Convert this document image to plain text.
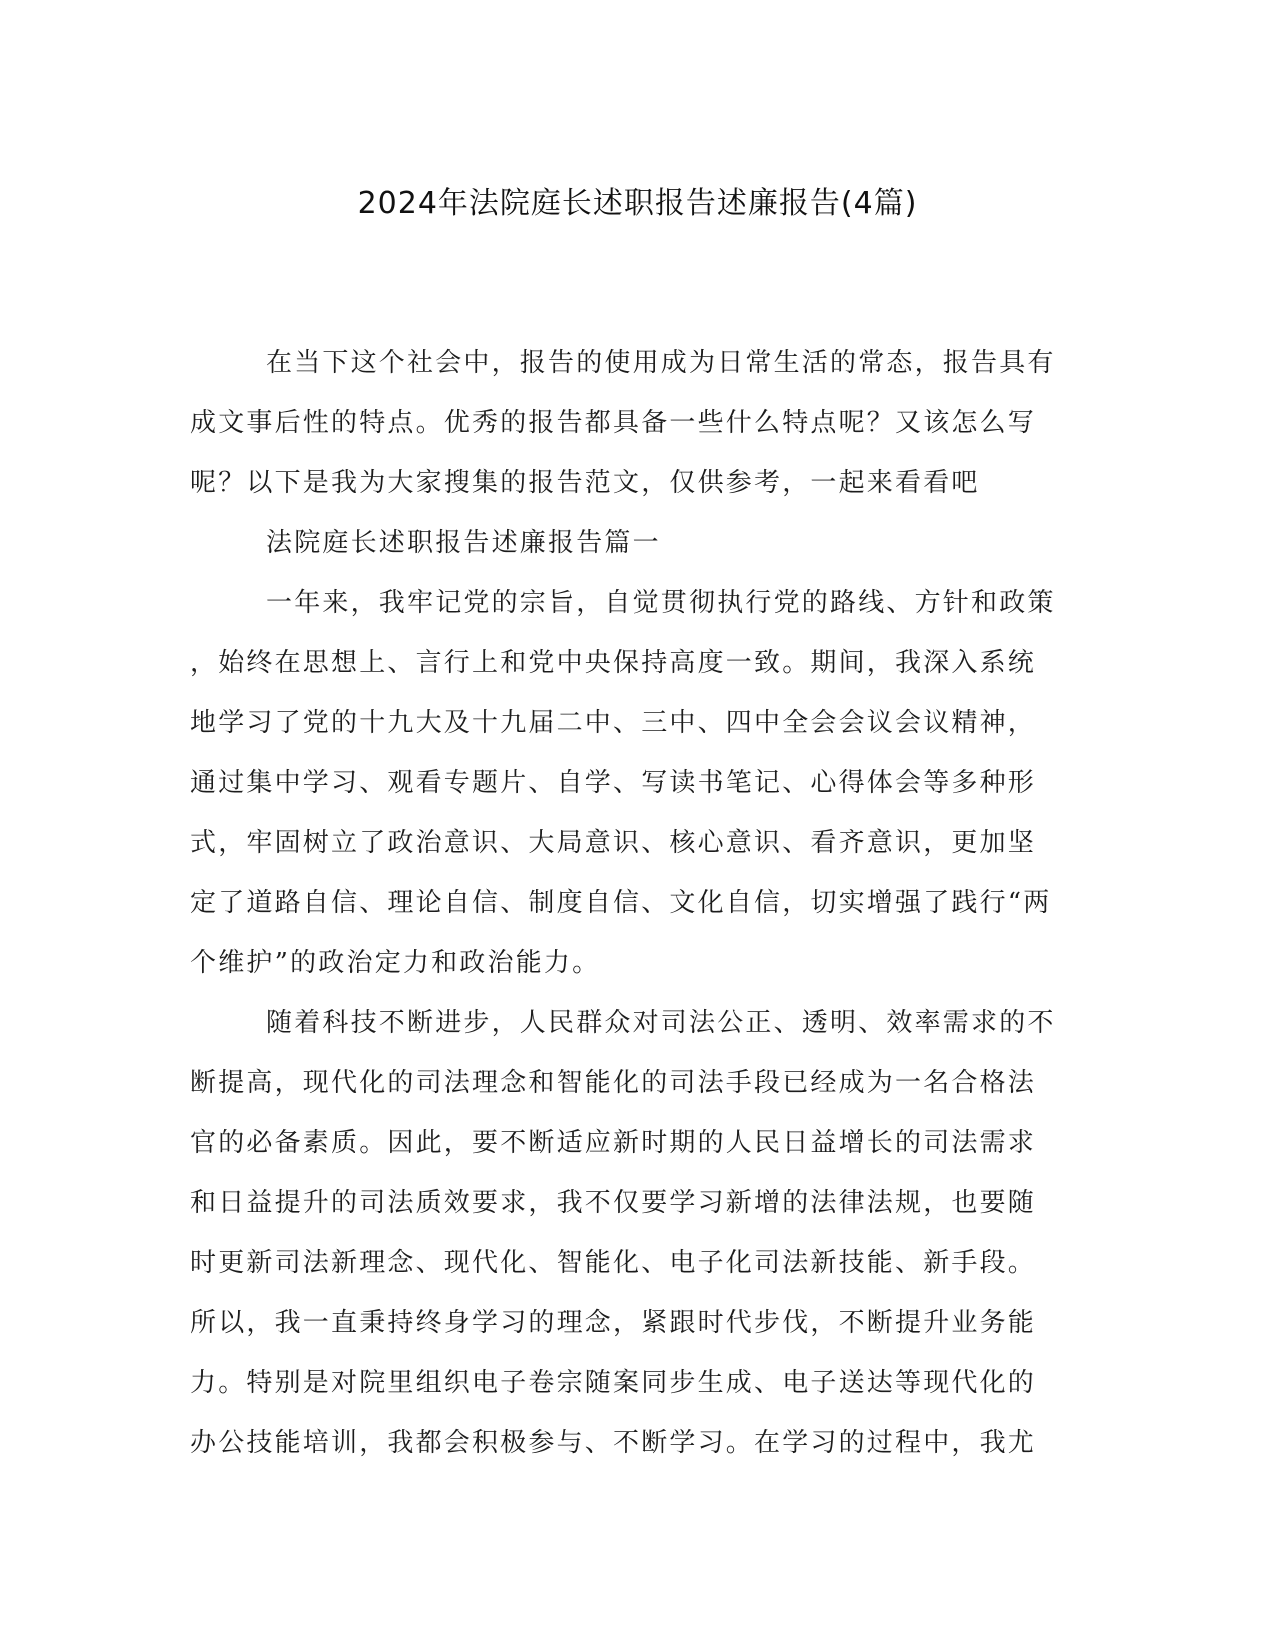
2024年法院庭长述职报告述廉报告(4篇)
在当下这个社会中，报告的使用成为日常生活的常态，报告具有
成文事后性的特点。优秀的报告都具备一些什么特点呢？又该怎么写
呢？以下是我为大家搜集的报告范文，仅供参考，一起来看看吧
法院庭长述职报告述廉报告篇一
一年来，我牢记党的宗旨，自觉贯彻执行党的路线、方针和政策
，始终在思想上、言行上和党中央保持高度一致。期间，我深入系统
地学习了党的十九大及十九届二中、三中、四中全会会议会议精神，
通过集中学习、观看专题片、自学、写读书笔记、心得体会等多种形
式，牢固树立了政治意识、大局意识、核心意识、看齐意识，更加坚
定了道路自信、理论自信、制度自信、文化自信，切实增强了践行“两
个维护”的政治定力和政治能力。
随着科技不断进步，人民群众对司法公正、透明、效率需求的不
断提高，现代化的司法理念和智能化的司法手段已经成为一名合格法
官的必备素质。因此，要不断适应新时期的人民日益增长的司法需求
和日益提升的司法质效要求，我不仅要学习新增的法律法规，也要随
时更新司法新理念、现代化、智能化、电子化司法新技能、新手段。
所以，我一直秉持终身学习的理念，紧跟时代步伐，不断提升业务能
力。特别是对院里组织电子卷宗随案同步生成、电子送达等现代化的
办公技能培训，我都会积极参与、不断学习。在学习的过程中，我尤
